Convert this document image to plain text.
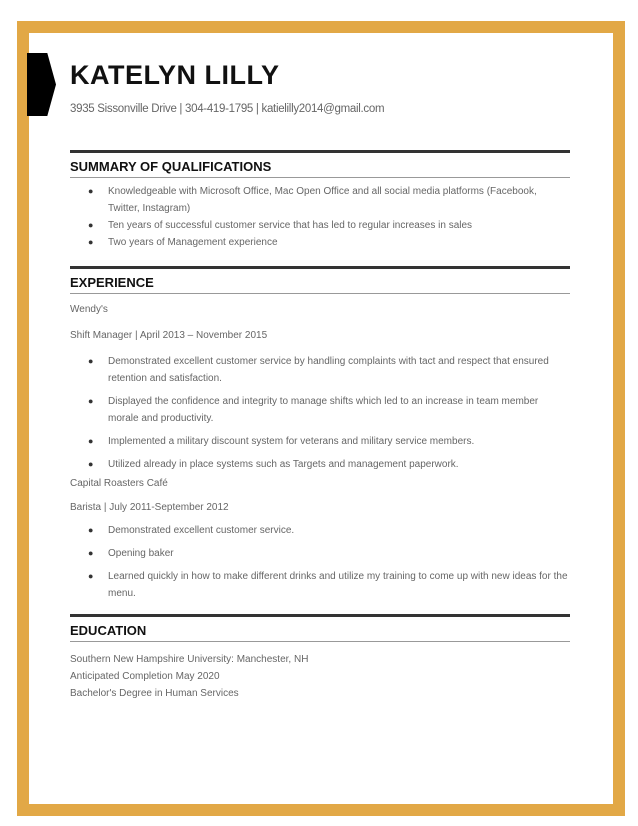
KATELYN LILLY
3935 Sissonville Drive | 304-419-1795 | katielilly2014@gmail.com
SUMMARY OF QUALIFICATIONS
● Knowledgeable with Microsoft Office, Mac Open Office and all social media platforms (Facebook, Twitter, Instagram)
● Ten years of successful customer service that has led to regular increases in sales
● Two years of Management experience
EXPERIENCE
Wendy's
Shift Manager | April 2013 – November 2015
● Demonstrated excellent customer service by handling complaints with tact and respect that ensured retention and satisfaction.
● Displayed the confidence and integrity to manage shifts which led to an increase in team member morale and productivity.
● Implemented a military discount system for veterans and military service members.
● Utilized already in place systems such as Targets and management paperwork.
Capital Roasters Café
Barista | July 2011-September 2012
● Demonstrated excellent customer service.
● Opening baker
● Learned quickly in how to make different drinks and utilize my training to come up with new ideas for the menu.
EDUCATION
Southern New Hampshire University: Manchester, NH
Anticipated Completion May 2020
Bachelor's Degree in Human Services
